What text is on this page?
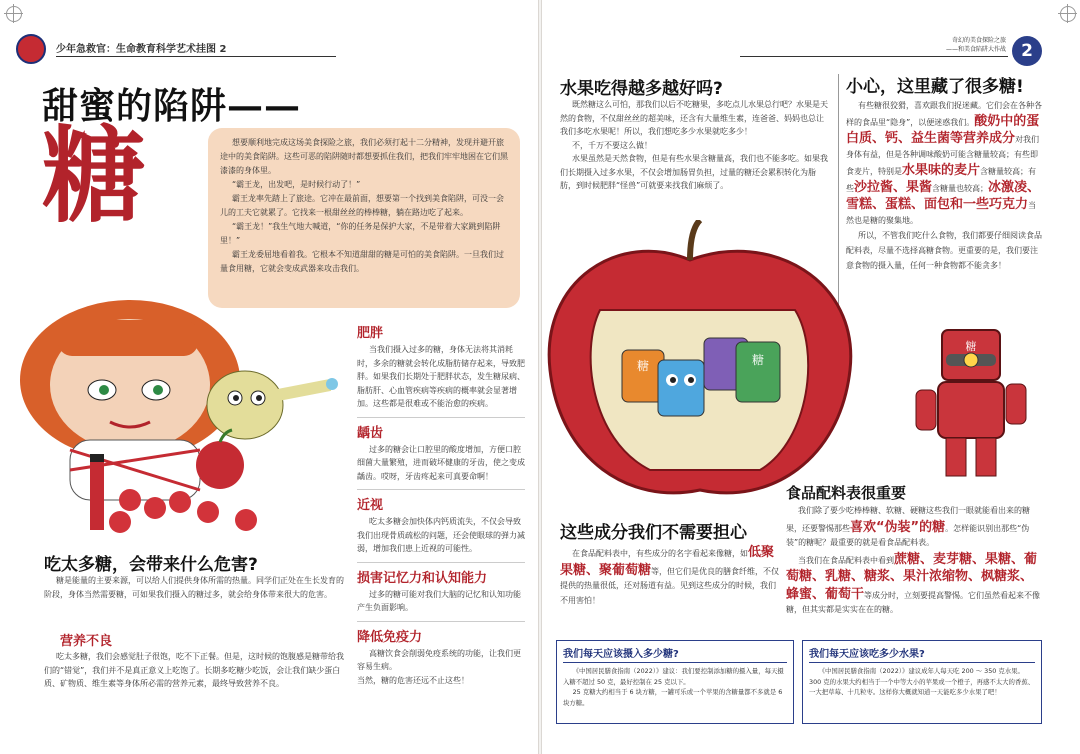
少年急救官：生命教育科学艺术挂图 2
甜蜜的陷阱——
糖	想要顺利地完成这场美食探险之旅，我们必须打起十二分精神，发现并避开旅途中的美食陷阱。这些可恶的陷阱随时都想要抓住我们，把我们牢牢地困在它们黑漆漆的身体里。

“霸王龙，出发吧，是时候行动了！”

霸王龙率先踏上了旅途。它冲在最前面，想要第一个找到美食陷阱，可没一会儿的工夫它就累了。它找来一根甜丝丝的棒棒糖，躺在路边吃了起来。

“霸王龙！”我生气地大喊道，“你的任务是保护大家，不是带着大家跳到陷阱里！”

霸王龙委屈地看着我。它根本不知道甜甜的糖是可怕的美食陷阱。一旦我们过量食用糖，它就会变成武器来攻击我们。

吃太多糖，会带来什么危害?

糖是能量的主要来源，可以给人们提供身体所需的热量。同学们正处在生长发育的阶段，身体当然需要糖，可如果我们摄入的糖过多，就会给身体带来很大的危害。

营养不良

吃太多糖，我们会感觉肚子很饱，吃不下正餐。但是，这时候的饱腹感是糖带给我们的“错觉”，我们并不是真正意义上吃饱了。长期多吃糖少吃饭，会让我们缺少蛋白质、矿物质、维生素等身体所必需的营养元素，最终导致营养不良。

肥胖

当我们摄入过多的糖，身体无法将其消耗时，多余的糖就会转化成脂肪储存起来，导致肥胖。如果我们长期处于肥胖状态，发生糖尿病、脂肪肝、心血管疾病等疾病的概率就会显著增加。这些都是很难或不能治愈的疾病。

龋齿

过多的糖会让口腔里的酸度增加，方便口腔细菌大量繁殖，进而破坏健康的牙齿，使之变成龋齿。哎呀，牙齿疼起来可真要命啊！

近视

吃太多糖会加快体内钙质流失，不仅会导致我们出现骨质疏松的问题，还会使眼球的弹力减弱，增加我们患上近视的可能性。

损害记忆力和认知能力

过多的糖可能对我们大脑的记忆和认知功能产生负面影响。

降低免疫力

高糖饮食会削弱免疫系统的功能，让我们更容易生病。
当然，糖的危害还远不止这些！

奇幻的美食探险之旅
——和美食陷阱大作战 2
水果吃得越多越好吗?

既然糖这么可怕，那我们以后不吃糖果，多吃点儿水果总行吧？水果是天然的食物，不仅甜丝丝的超美味，还含有大量维生素，连爸爸、妈妈也总让我们多吃水果呢！所以，我们想吃多少水果就吃多少！

不，千万不要这么做！

水果虽然是天然食物，但是有些水果含糖量高，我们也不能多吃。如果我们长期摄入过多水果，不仅会增加肠胃负担，过量的糖还会累积转化为脂肪，到时候肥胖“怪兽”可就要来找我们麻烦了。

小心，这里藏了很多糖!

有些糖很狡猾，喜欢跟我们捉迷藏。它们会在各种各样的食品里“隐身”，以便迷惑我们。酸奶中的蛋白质、钙、益生菌等营养成分对我们身体有益，但是各种调味酸奶可能含糖量较高；有些即食麦片，特别是水果味的麦片含糖量较高；有些沙拉酱、果酱含糖量也较高；冰激凌、雪糕、蛋糕、面包和一些巧克力当然也是糖的聚集地。

所以，不管我们吃什么食物，我们都要仔细阅读食品配料表，尽量不选择高糖食物。更重要的是，我们要注意食物的摄入量，任何一种食物都不能贪多！

糖	糖
糖
这些成分我们不需要担心

在食品配料表中，有些成分的名字看起来像糖，如低聚果糖、聚葡萄糖等，但它们是优良的膳食纤维，不仅提供的热量很低，还对肠道有益。见到这些成分的时候，我们不用害怕！

食品配料表很重要

我们除了要少吃棒棒糖、软糖、硬糖这些我们一眼就能看出来的糖果，还要警惕那些喜欢“伪装”的糖。怎样能识别出那些“伪装”的糖呢？最重要的就是看食品配料表。

当我们在食品配料表中看到蔗糖、麦芽糖、果糖、葡萄糖、乳糖、糖浆、果汁浓缩物、枫糖浆、蜂蜜、葡萄干等成分时，立刻要提高警惕。它们虽然看起来不像糖，但其实都是实实在在的糖。

我们每天应该摄入多少糖?

《中国居民膳食指南（2022）》建议：我们要控制添加糖的摄入量，每天摄入糖不超过 50 克，最好控制在 25 克以下。

25 克糖大约相当于 6 块方糖，一罐可乐或一个苹果的含糖量都不多就是 6 块方糖。

我们每天应该吃多少水果?

《中国居民膳食指南（2022）》建议成年人每天吃 200 ～ 350 克水果。300 克的水果大约相当于一个中等大小的苹果或一个橙子，再感不太大的香蕉、一大把草莓、十几粒枣。这样你大概就知道一天能吃多少水果了吧！
